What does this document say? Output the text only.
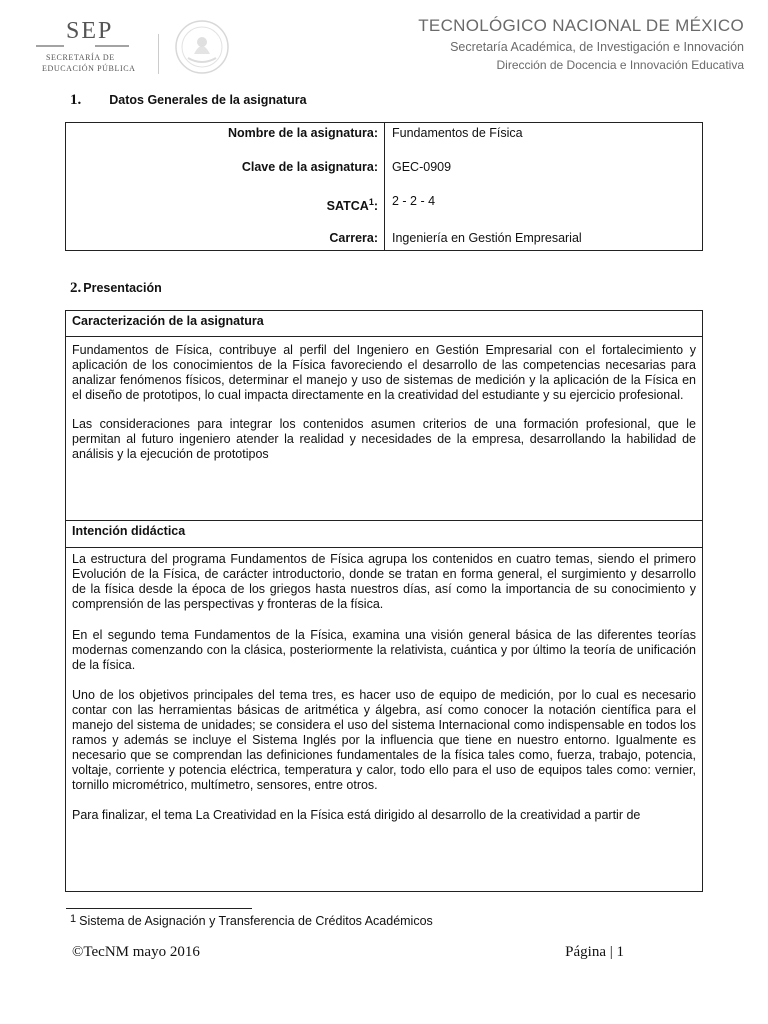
SEP
SECRETARÍA DE
EDUCACIÓN PÚBLICA
TECNOLÓGICO NACIONAL DE MÉXICO
Secretaría Académica, de Investigación e Innovación
Dirección de Docencia e Innovación Educativa
1. Datos Generales de la asignatura
Nombre de la asignatura: Fundamentos de Física
Clave de la asignatura: GEC-0909
SATCA$^1$: 2 - 2 - 4
Carrera: Ingeniería en Gestión Empresarial
2. Presentación
Caracterización de la asignatura
Fundamentos de Física, contribuye al perfil del Ingeniero en Gestión Empresarial con el fortalecimiento y aplicación de los conocimientos de la Física favoreciendo el desarrollo de las competencias necesarias para analizar fenómenos físicos, determinar el manejo y uso de sistemas de medición y la aplicación de la Física en el diseño de prototipos, lo cual impacta directamente en la creatividad del estudiante y su ejercicio profesional.
Las consideraciones para integrar los contenidos asumen criterios de una formación profesional, que le permitan al futuro ingeniero atender la realidad y necesidades de la empresa, desarrollando la habilidad de análisis y la ejecución de prototipos
Intención didáctica
La estructura del programa Fundamentos de Física agrupa los contenidos en cuatro temas, siendo el primero Evolución de la Física, de carácter introductorio, donde se tratan en forma general, el surgimiento y desarrollo de la física desde la época de los griegos hasta nuestros días, así como la importancia de su conocimiento y comprensión de las perspectivas y fronteras de la física.
En el segundo tema Fundamentos de la Física, examina una visión general básica de las diferentes teorías modernas comenzando con la clásica, posteriormente la relativista, cuántica y por último la teoría de unificación de la física.
Uno de los objetivos principales del tema tres, es hacer uso de equipo de medición, por lo cual es necesario contar con las herramientas básicas de aritmética y álgebra, así como conocer la notación científica para el manejo del sistema de unidades; se considera el uso del sistema Internacional como indispensable en todos los ramos y además se incluye el Sistema Inglés por la influencia que tiene en nuestro entorno. Igualmente es necesario que se comprendan las definiciones fundamentales de la física tales como, fuerza, trabajo, potencia, voltaje, corriente y potencia eléctrica, temperatura y calor, todo ello para el uso de equipos tales como: vernier, tornillo micrométrico, multímetro, sensores, entre otros.
Para finalizar, el tema La Creatividad en la Física está dirigido al desarrollo de la creatividad a partir de
$^1$ Sistema de Asignación y Transferencia de Créditos Académicos
©TecNM mayo 2016	Página | 1
